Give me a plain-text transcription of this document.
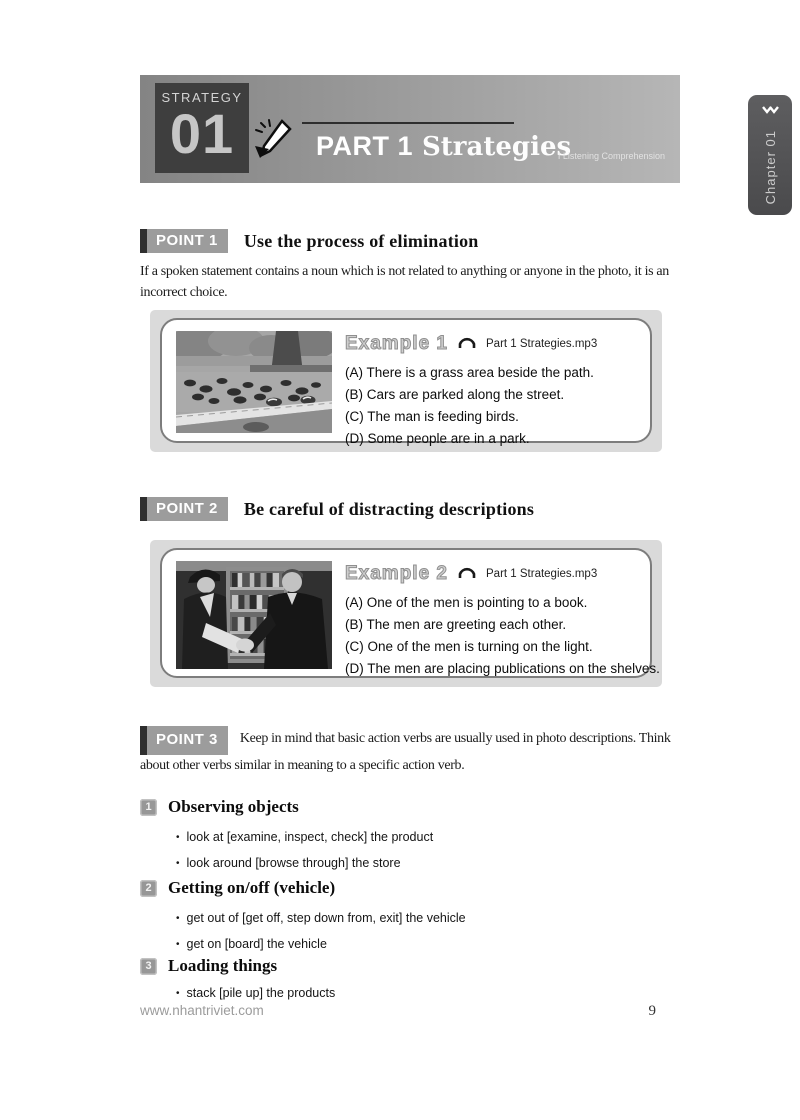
STRATEGY
01	PART 1 Strategies
I Listening Comprehension	Chapter 01
POINT 1	Use the process of elimination

If a spoken statement contains a noun which is not related to anything or anyone in the photo, it is an incorrect choice.

Example 1	Part 1 Strategies.mp3
(A) There is a grass area beside the path.
(B) Cars are parked along the street.
(C) The man is feeding birds.
(D) Some people are in a park.
POINT 2	Be careful of distracting descriptions
Example 2	Part 1 Strategies.mp3
(A) One of the men is pointing to a book.
(B) The men are greeting each other.
(C) One of the men is turning on the light.
(D) The men are placing publications on the shelves.

POINT 3 Keep in mind that basic action verbs are usually used in photo descriptions. Think about other verbs similar in meaning to a specific action verb.

1 Observing objects
• look at [examine, inspect, check] the product
• look around [browse through] the store
2 Getting on/off (vehicle)
• get out of [get off, step down from, exit] the vehicle
• get on [board] the vehicle
3 Loading things
• stack [pile up] the products
www.nhantriviet.com	9
